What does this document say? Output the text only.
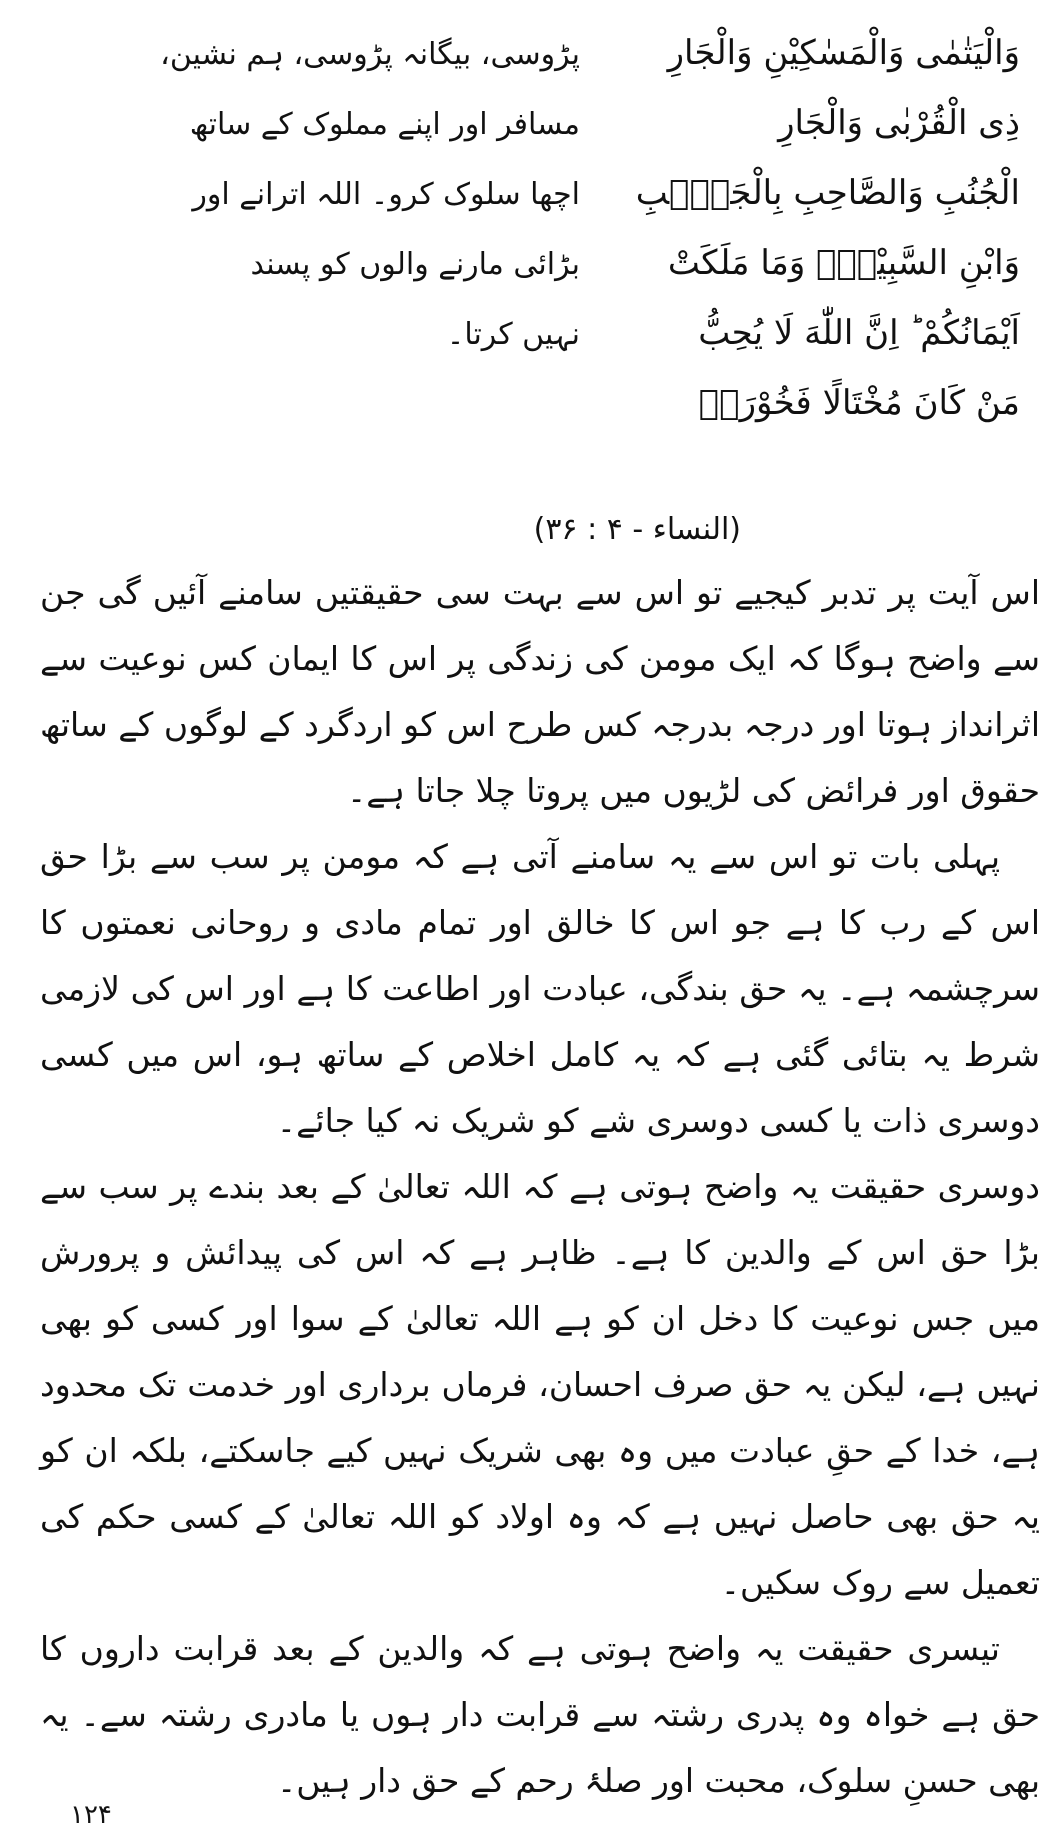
وَالْيَتٰمٰى وَالْمَسٰكِيْنِ وَالْجَارِ
پڑوسی، بیگانہ پڑوسی، ہم نشین،
ذِى الْقُرْبٰى وَالْجَارِ
مسافر اور اپنے مملوک کے ساتھ
الْجُنُبِ وَالصَّاحِبِ بِالْجَنْۢبِ
اچھا سلوک کرو۔ اللہ اترانے اور
وَابْنِ السَّبِيْلِۙ وَمَا مَلَكَتْ
بڑائی مارنے والوں کو پسند
اَيْمَانُكُمْ ؕ اِنَّ اللّٰهَ لَا يُحِبُّ
نہیں کرتا۔
مَنْ كَانَ مُخْتَالًا فَخُوْرَاۙ
(النساء - ۴ : ۳۶)

اس آیت پر تدبر کیجیے تو اس سے بہت سی حقیقتیں سامنے آئیں گی جن سے واضح ہوگا کہ ایک مومن کی زندگی پر اس کا ایمان کس نوعیت سے اثرانداز ہوتا اور درجہ بدرجہ کس طرح اس کو اردگرد کے لوگوں کے ساتھ حقوق اور فرائض کی لڑیوں میں پروتا چلا جاتا ہے۔

پہلی بات تو اس سے یہ سامنے آتی ہے کہ مومن پر سب سے بڑا حق اس کے رب کا ہے جو اس کا خالق اور تمام مادی و روحانی نعمتوں کا سرچشمہ ہے۔ یہ حق بندگی، عبادت اور اطاعت کا ہے اور اس کی لازمی شرط یہ بتائی گئی ہے کہ یہ کامل اخلاص کے ساتھ ہو، اس میں کسی دوسری ذات یا کسی دوسری شے کو شریک نہ کیا جائے۔

دوسری حقیقت یہ واضح ہوتی ہے کہ اللہ تعالیٰ کے بعد بندے پر سب سے بڑا حق اس کے والدین کا ہے۔ ظاہر ہے کہ اس کی پیدائش و پرورش میں جس نوعیت کا دخل ان کو ہے اللہ تعالیٰ کے سوا اور کسی کو بھی نہیں ہے، لیکن یہ حق صرف احسان، فرماں برداری اور خدمت تک محدود ہے، خدا کے حقِ عبادت میں وہ بھی شریک نہیں کیے جاسکتے، بلکہ ان کو یہ حق بھی حاصل نہیں ہے کہ وہ اولاد کو اللہ تعالیٰ کے کسی حکم کی تعمیل سے روک سکیں۔

تیسری حقیقت یہ واضح ہوتی ہے کہ والدین کے بعد قرابت داروں کا حق ہے خواہ وہ پدری رشتہ سے قرابت دار ہوں یا مادری رشتہ سے۔ یہ بھی حسنِ سلوک، محبت اور صلۂ رحم کے حق دار ہیں۔

۱۲۴
